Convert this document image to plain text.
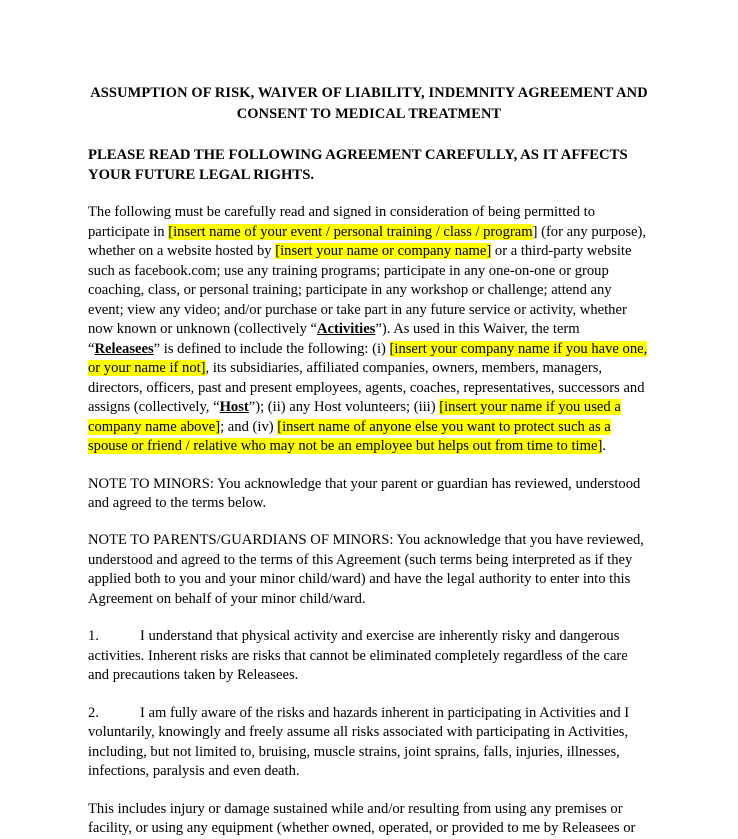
ASSUMPTION OF RISK, WAIVER OF LIABILITY, INDEMNITY AGREEMENT AND
CONSENT TO MEDICAL TREATMENT
PLEASE READ THE FOLLOWING AGREEMENT CAREFULLY, AS IT AFFECTS
YOUR FUTURE LEGAL RIGHTS.

The following must be carefully read and signed in consideration of being permitted to participate in [insert name of your event / personal training / class / program] (for any purpose), whether on a website hosted by [insert your name or company name] or a third-party website such as facebook.com; use any training programs; participate in any one-on-one or group coaching, class, or personal training; participate in any workshop or challenge; attend any event; view any video; and/or purchase or take part in any future service or activity, whether now known or unknown (collectively “Activities”). As used in this Waiver, the term “Releasees” is defined to include the following: (i) [insert your company name if you have one, or your name if not], its subsidiaries, affiliated companies, owners, members, managers, directors, officers, past and present employees, agents, coaches, representatives, successors and assigns (collectively, “Host”); (ii) any Host volunteers; (iii) [insert your name if you used a company name above]; and (iv) [insert name of anyone else you want to protect such as a spouse or friend / relative who may not be an employee but helps out from time to time].

NOTE TO MINORS: You acknowledge that your parent or guardian has reviewed, understood and agreed to the terms below.

NOTE TO PARENTS/GUARDIANS OF MINORS: You acknowledge that you have reviewed, understood and agreed to the terms of this Agreement (such terms being interpreted as if they applied both to you and your minor child/ward) and have the legal authority to enter into this Agreement on behalf of your minor child/ward.

1.	I understand that physical activity and exercise are inherently risky and dangerous activities. Inherent risks are risks that cannot be eliminated completely regardless of the care and precautions taken by Releasees.

2.	I am fully aware of the risks and hazards inherent in participating in Activities and I voluntarily, knowingly and freely assume all risks associated with participating in Activities, including, but not limited to, bruising, muscle strains, joint sprains, falls, injuries, illnesses, infections, paralysis and even death.

This includes injury or damage sustained while and/or resulting from using any premises or facility, or using any equipment (whether owned, operated, or provided to me by Releasees or
